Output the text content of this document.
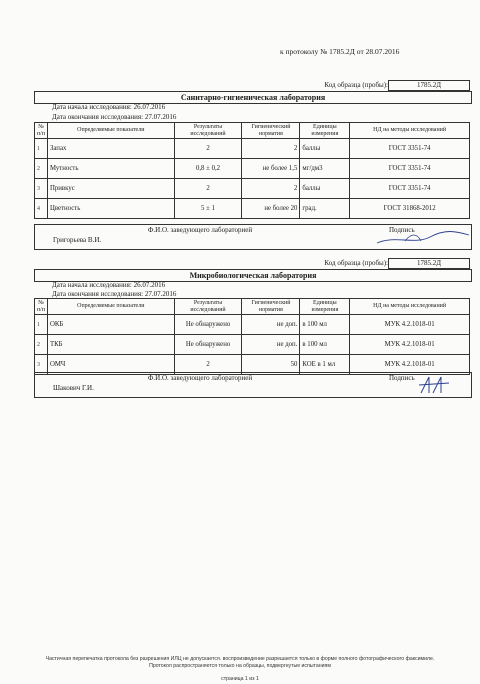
к протоколу № 1785.2Д от 28.07.2016
Код образца (пробы):	1785.2Д
Санитарно-гигиеническая лаборатория
Дата начала исследования: 26.07.2016
Дата окончания исследования: 27.07.2016
№ п/п	Определяемые показатели	Результаты исследований	Гигиенический норматив	Единицы измерения	НД на методы исследований
1	Запах	2	2	баллы	ГОСТ 3351-74
2	Мутность	0,8 ± 0,2	не более 1,5	мг/дм3	ГОСТ 3351-74
3	Привкус	2	2	баллы	ГОСТ 3351-74
4	Цветность	5 ± 1	не более 20	град.	ГОСТ 31868-2012
Ф.И.О. заведующего лабораторией
Григорьева В.И.
Подпись
Код образца (пробы):	1785.2Д
Микробиологическая лаборатория
Дата начала исследования: 26.07.2016
Дата окончания исследования: 27.07.2016
№ п/п	Определяемые показатели	Результаты исследований	Гигиенический норматив	Единицы измерения	НД на методы исследований
1	ОКБ	Не обнаружено	не доп.	в 100 мл	МУК 4.2.1018-01
2	ТКБ	Не обнаружено	не доп.	в 100 мл	МУК 4.2.1018-01
3	ОМЧ	2	50	КОЕ в 1 мл	МУК 4.2.1018-01
Ф.И.О. заведующего лабораторией
Шакович Г.И.
Подпись
Частичная перепечатка протокола без разрешения ИЛЦ не допускается. воспроизведение разрешается только в форме полного фотографического факсимиле. Протокол распространяется только на образцы, подвергнутые испытаниям
страница 1 из 1
